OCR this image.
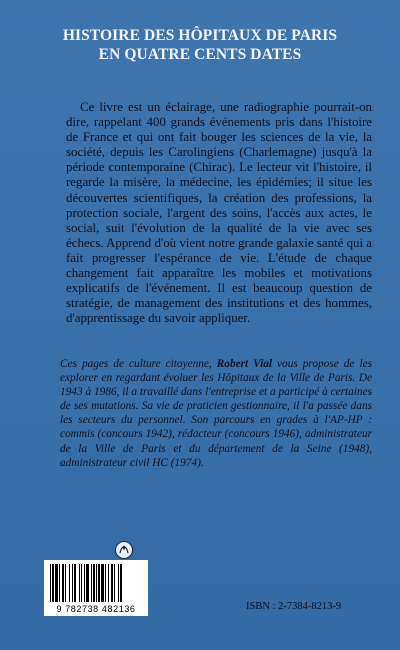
HISTOIRE DES HÔPITAUX DE PARIS
EN QUATRE CENTS DATES

Ce livre est un éclairage, une radiographie pourrait-on dire, rappelant 400 grands événements pris dans l'histoire de France et qui ont fait bouger les sciences de la vie, la société, depuis les Carolingiens (Charlemagne) jusqu'à la période contemporaine (Chirac). Le lecteur vit l'histoire, il regarde la misère, la médecine, les épidémies; il situe les découvertes scientifiques, la création des professions, la protection sociale, l'argent des soins, l'accès aux actes, le social, suit l'évolution de la qualité de la vie avec ses échecs. Apprend d'où vient notre grande galaxie santé qui a fait progresser l'espérance de vie. L'étude de chaque changement fait apparaître les mobiles et motivations explicatifs de l'événement. Il est beaucoup question de stratégie, de management des institutions et des hommes, d'apprentissage du savoir appliquer.

Ces pages de culture citoyenne, Robert Vial vous propose de les explorer en regardant évoluer les Hôpitaux de la Ville de Paris. De 1943 à 1986, il a travaillé dans l'entreprise et a participé à certaines de ses mutations. Sa vie de praticien gestionnaire, il l'a passée dans les secteurs du personnel. Son parcours en grades à l'AP-HP : commis (concours 1942), rédacteur (concours 1946), administrateur de la Ville de Paris et du département de la Seine (1948), administrateur civil HC (1974).
9 782738 482136	ISBN : 2-7384-8213-9
